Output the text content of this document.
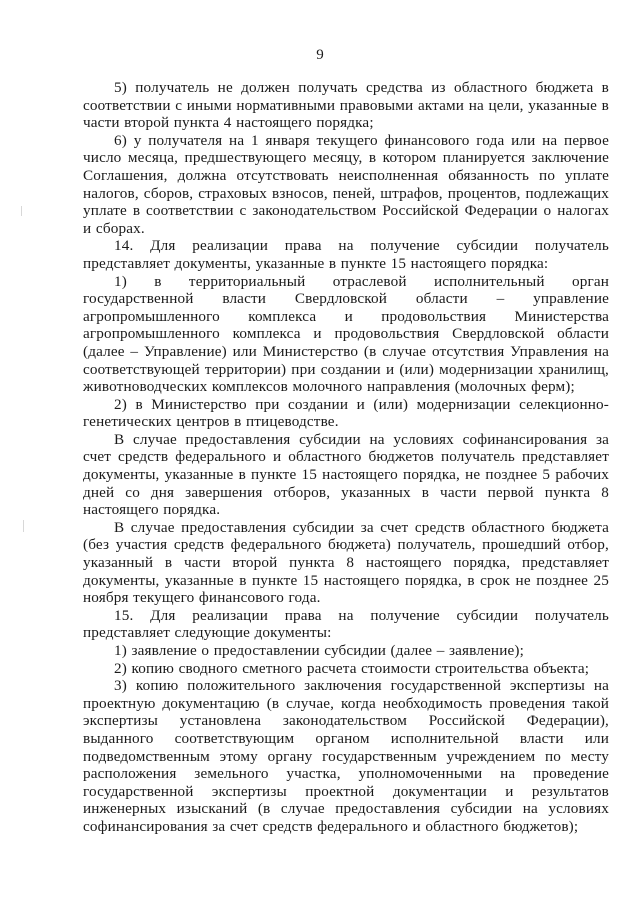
9

5) получатель не должен получать средства из областного бюджета в соответствии с иными нормативными правовыми актами на цели, указанные в части второй пункта 4 настоящего порядка;

6) у получателя на 1 января текущего финансового года или на первое число месяца, предшествующего месяцу, в котором планируется заключение Соглашения, должна отсутствовать неисполненная обязанность по уплате налогов, сборов, страховых взносов, пеней, штрафов, процентов, подлежащих уплате в соответствии с законодательством Российской Федерации о налогах и сборах.

14. Для реализации права на получение субсидии получатель представляет документы, указанные в пункте 15 настоящего порядка:

1) в территориальный отраслевой исполнительный орган государственной власти Свердловской области – управление агропромышленного комплекса и продовольствия Министерства агропромышленного комплекса и продовольствия Свердловской области (далее – Управление) или Министерство (в случае отсутствия Управления на соответствующей территории) при создании и (или) модернизации хранилищ, животноводческих комплексов молочного направления (молочных ферм);

2) в Министерство при создании и (или) модернизации селекционно-генетических центров в птицеводстве.

В случае предоставления субсидии на условиях софинансирования за счет средств федерального и областного бюджетов получатель представляет документы, указанные в пункте 15 настоящего порядка, не позднее 5 рабочих дней со дня завершения отборов, указанных в части первой пункта 8 настоящего порядка.

В случае предоставления субсидии за счет средств областного бюджета (без участия средств федерального бюджета) получатель, прошедший отбор, указанный в части второй пункта 8 настоящего порядка, представляет документы, указанные в пункте 15 настоящего порядка, в срок не позднее 25 ноября текущего финансового года.

15. Для реализации права на получение субсидии получатель представляет следующие документы:

1) заявление о предоставлении субсидии (далее – заявление);

2) копию сводного сметного расчета стоимости строительства объекта;

3) копию положительного заключения государственной экспертизы на проектную документацию (в случае, когда необходимость проведения такой экспертизы установлена законодательством Российской Федерации), выданного соответствующим органом исполнительной власти или подведомственным этому органу государственным учреждением по месту расположения земельного участка, уполномоченными на проведение государственной экспертизы проектной документации и результатов инженерных изысканий (в случае предоставления субсидии на условиях софинансирования за счет средств федерального и областного бюджетов);
